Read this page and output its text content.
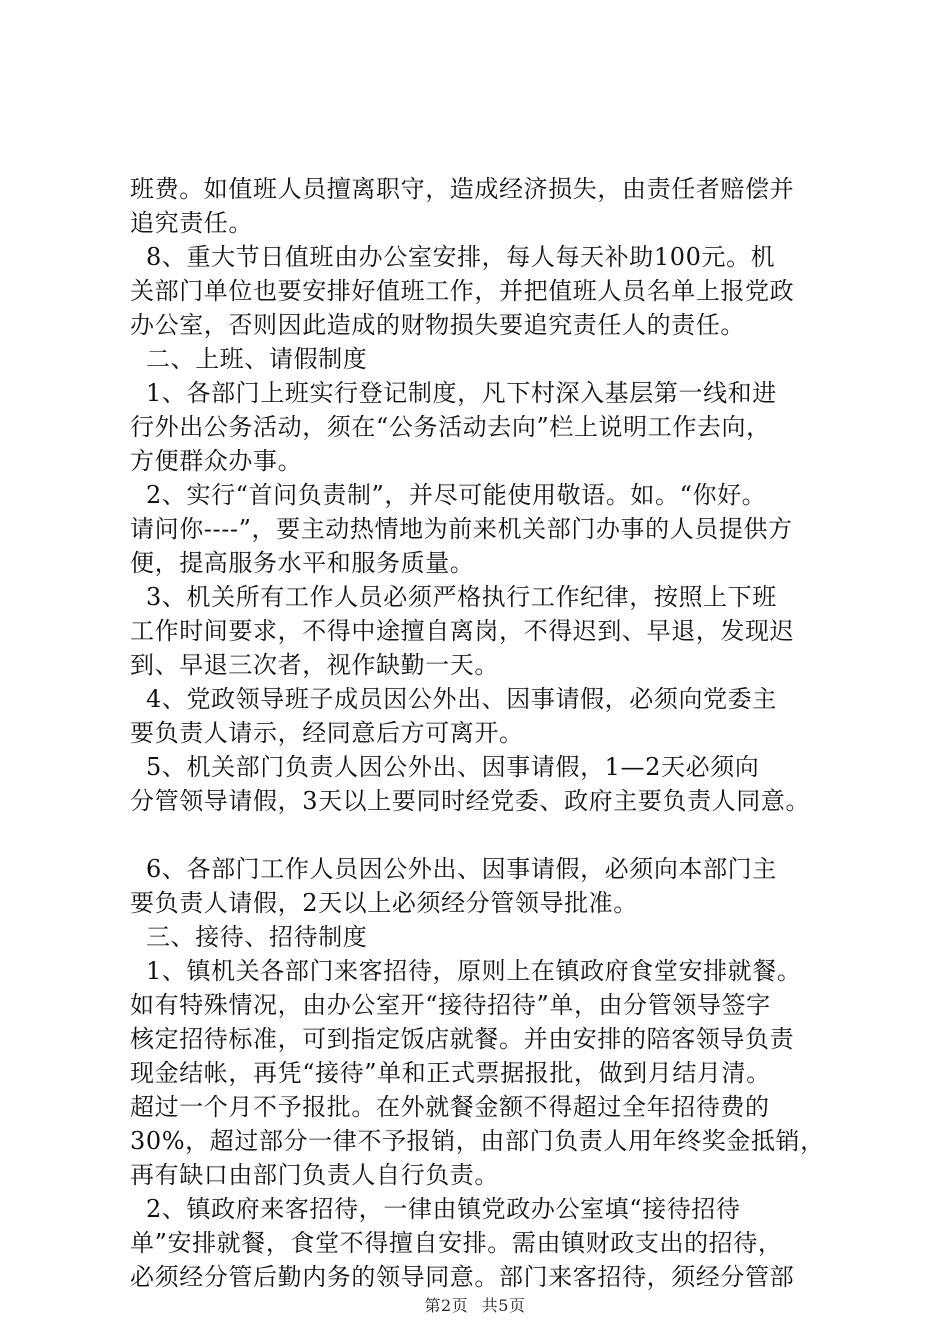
班费。如值班人员擅离职守，造成经济损失，由责任者赔偿并
追究责任。
8、重大节日值班由办公室安排，每人每天补助100元。机
关部门单位也要安排好值班工作，并把值班人员名单上报党政
办公室，否则因此造成的财物损失要追究责任人的责任。
二、上班、请假制度
1、各部门上班实行登记制度，凡下村深入基层第一线和进
行外出公务活动，须在“公务活动去向”栏上说明工作去向，
方便群众办事。
2、实行“首问负责制”，并尽可能使用敬语。如。“你好。
请问你----”，要主动热情地为前来机关部门办事的人员提供方
便，提高服务水平和服务质量。
3、机关所有工作人员必须严格执行工作纪律，按照上下班
工作时间要求，不得中途擅自离岗，不得迟到、早退，发现迟
到、早退三次者，视作缺勤一天。
4、党政领导班子成员因公外出、因事请假，必须向党委主
要负责人请示，经同意后方可离开。
5、机关部门负责人因公外出、因事请假，1—2天必须向
分管领导请假，3天以上要同时经党委、政府主要负责人同意。
6、各部门工作人员因公外出、因事请假，必须向本部门主
要负责人请假，2天以上必须经分管领导批准。
三、接待、招待制度
1、镇机关各部门来客招待，原则上在镇政府食堂安排就餐。
如有特殊情况，由办公室开“接待招待”单，由分管领导签字
核定招待标准，可到指定饭店就餐。并由安排的陪客领导负责
现金结帐，再凭“接待”单和正式票据报批，做到月结月清。
超过一个月不予报批。在外就餐金额不得超过全年招待费的
30%，超过部分一律不予报销，由部门负责人用年终奖金抵销，
再有缺口由部门负责人自行负责。
2、镇政府来客招待，一律由镇党政办公室填“接待招待
单”安排就餐，食堂不得擅自安排。需由镇财政支出的招待，
必须经分管后勤内务的领导同意。部门来客招待，须经分管部
第2页 共5页
